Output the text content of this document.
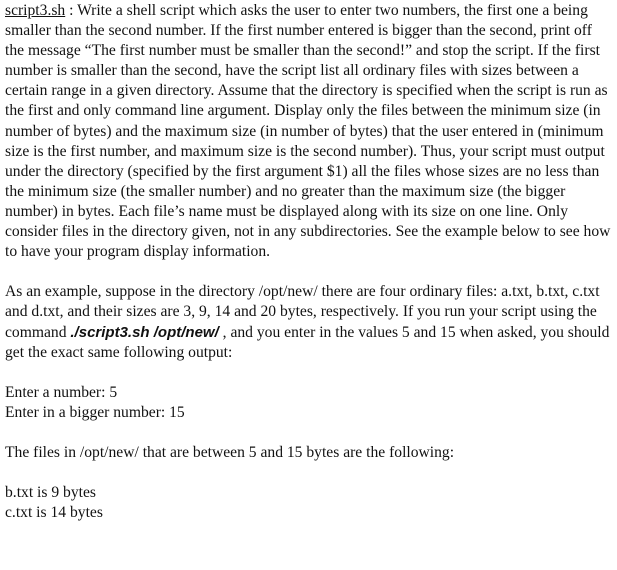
script3.sh : Write a shell script which asks the user to enter two numbers, the first one a being smaller than the second number. If the first number entered is bigger than the second, print off the message “The first number must be smaller than the second!” and stop the script. If the first number is smaller than the second, have the script list all ordinary files with sizes between a certain range in a given directory. Assume that the directory is specified when the script is run as the first and only command line argument. Display only the files between the minimum size (in number of bytes) and the maximum size (in number of bytes) that the user entered in (minimum size is the first number, and maximum size is the second number). Thus, your script must output under the directory (specified by the first argument $1) all the files whose sizes are no less than the minimum size (the smaller number) and no greater than the maximum size (the bigger number) in bytes. Each file’s name must be displayed along with its size on one line. Only consider files in the directory given, not in any subdirectories. See the example below to see how to have your program display information.

As an example, suppose in the directory /opt/new/ there are four ordinary files: a.txt, b.txt, c.txt and d.txt, and their sizes are 3, 9, 14 and 20 bytes, respectively. If you run your script using the command ./script3.sh /opt/new/ , and you enter in the values 5 and 15 when asked, you should get the exact same following output:

Enter a number: 5
Enter in a bigger number: 15
The files in /opt/new/ that are between 5 and 15 bytes are the following:
b.txt is 9 bytes
c.txt is 14 bytes
